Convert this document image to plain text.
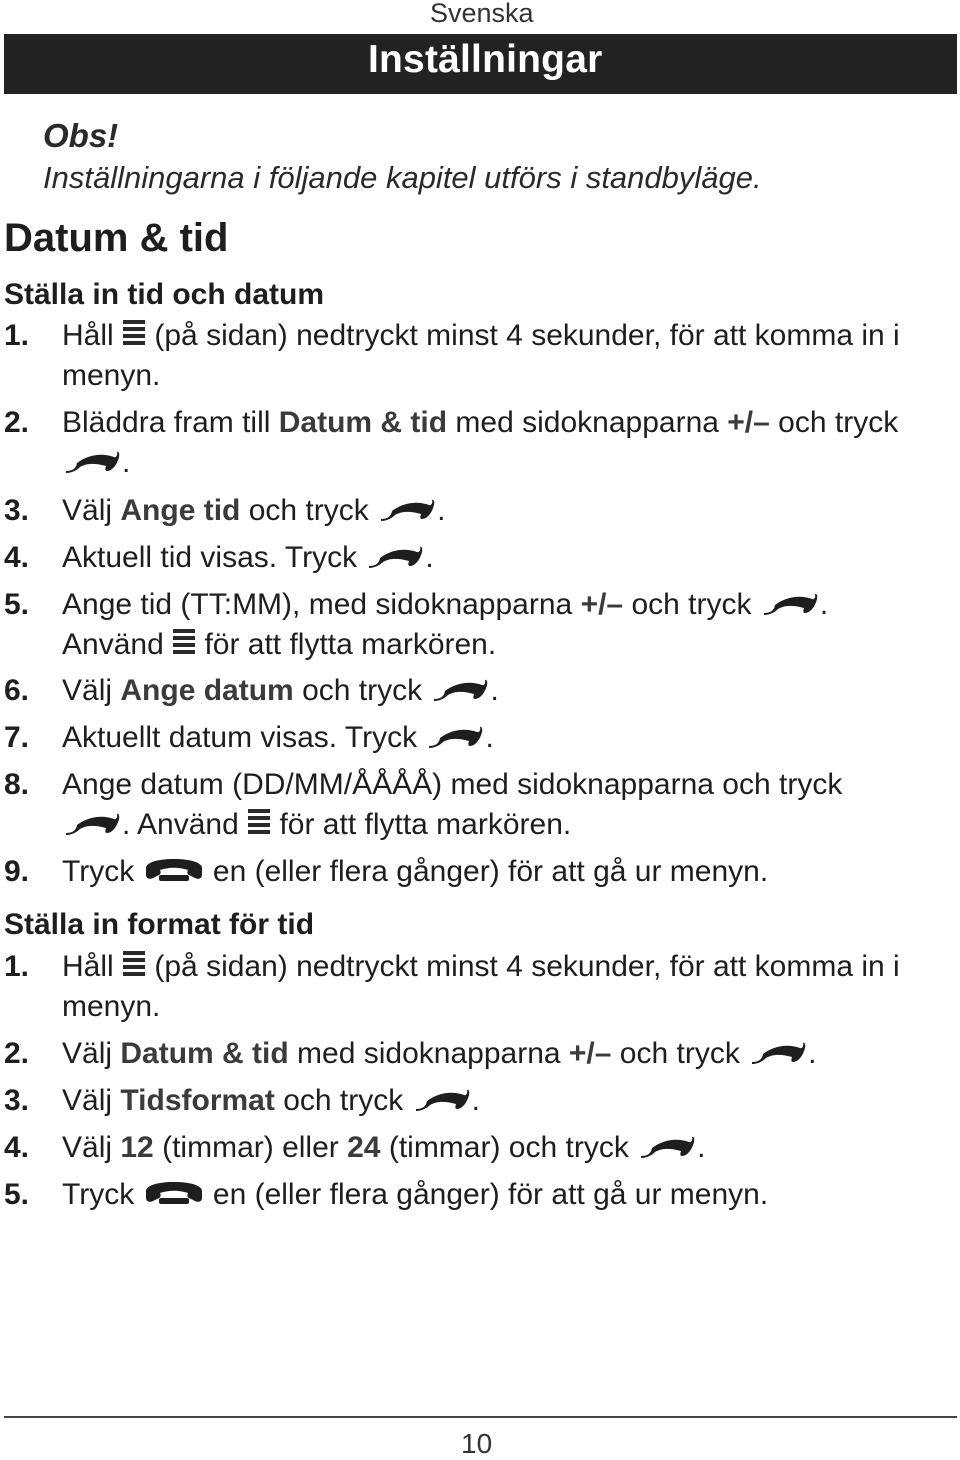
Svenska
Inställningar
Obs!
Inställningarna i följande kapitel utförs i standbyläge.
Datum & tid
Ställa in tid och datum
1. Håll (på sidan) nedtryckt minst 4 sekunder, för att komma in i menyn.
2. Bläddra fram till Datum & tid med sidoknapparna +/– och tryck

.
3. Välj Ange tid och tryck .
4. Aktuell tid visas. Tryck .
5. Ange tid (TT:MM), med sidoknapparna +/– och tryck .
Använd för att flytta markören.
6. Välj Ange datum och tryck .
7. Aktuellt datum visas. Tryck .
8. Ange datum (DD/MM/ÅÅÅÅ) med sidoknapparna och tryck

. Använd för att flytta markören.
9. Tryck	en (eller flera gånger) för att gå ur menyn.
Ställa in format för tid
1. Håll (på sidan) nedtryckt minst 4 sekunder, för att komma in i menyn.
2. Välj Datum & tid med sidoknapparna +/– och tryck .
3. Välj Tidsformat och tryck .
4. Välj 12 (timmar) eller 24 (timmar) och tryck .
5. Tryck	en (eller flera gånger) för att gå ur menyn.
10
